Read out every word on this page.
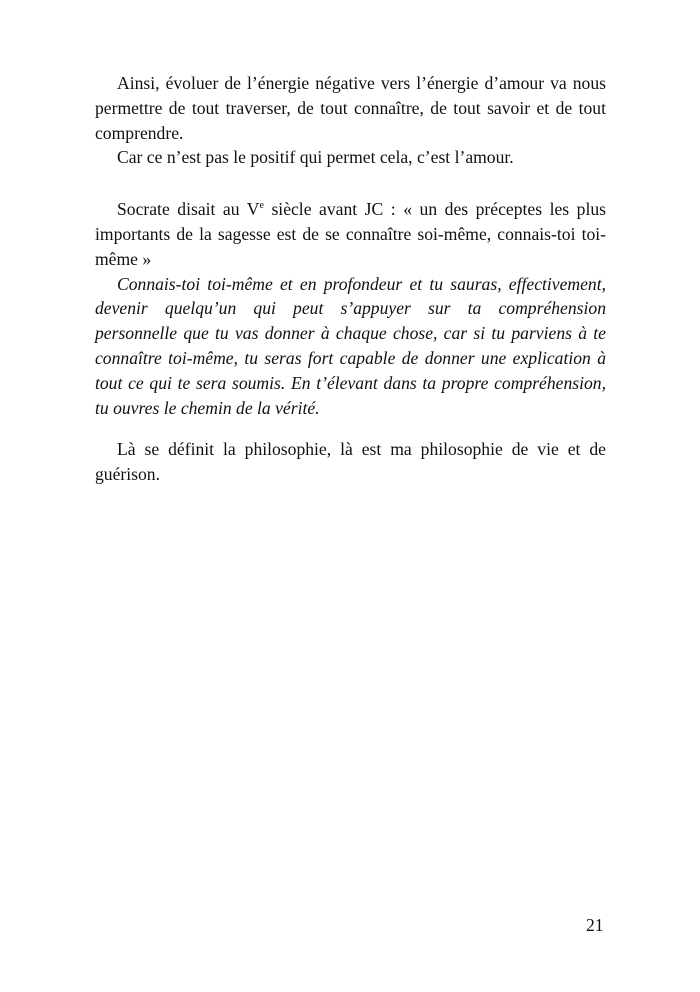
Ainsi, évoluer de l’énergie négative vers l’énergie d’amour va nous
permettre de tout traverser, de tout connaître, de tout savoir et de tout
comprendre.
Car ce n’est pas le positif qui permet cela, c’est l’amour.
Socrate disait au Ve siècle avant JC : « un des préceptes les plus
importants de la sagesse est de se connaître soi-même, connais-toi toi-
même »
Connais-toi toi-même et en profondeur et tu sauras, effectivement,
devenir quelqu’un qui peut s’appuyer sur ta compréhension
personnelle que tu vas donner à chaque chose, car si tu parviens à te
connaître toi-même, tu seras fort capable de donner une explication à
tout ce qui te sera soumis. En t’élevant dans ta propre compréhension,
tu ouvres le chemin de la vérité.
Là se définit la philosophie, là est ma philosophie de vie et de
guérison.
21
